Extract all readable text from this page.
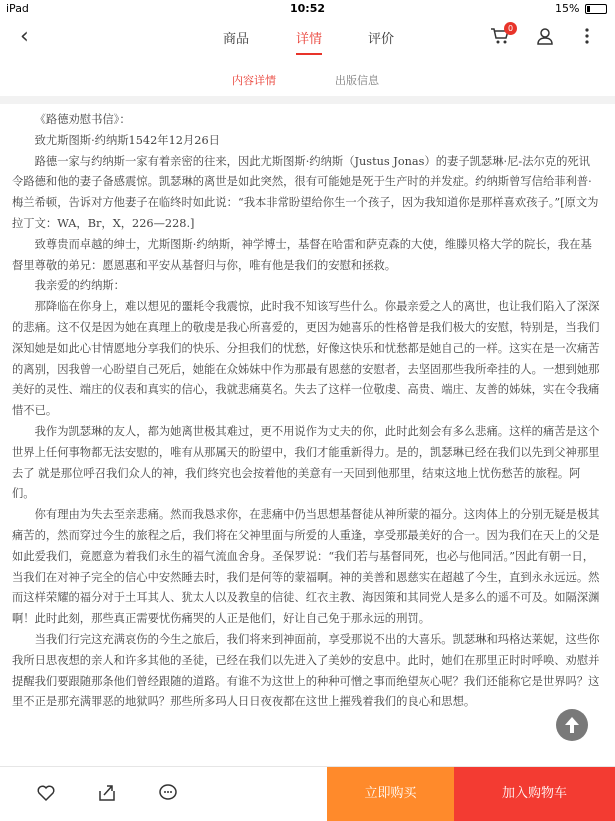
iPad	10:52	15%
‹	商品	详情	评价
0
内容详情	出版信息

《路德劝慰书信》：

致尤斯图斯·约纳斯1542年12月26日

路德一家与约纳斯一家有着亲密的往来，因此尤斯图斯·约纳斯（Justus Jonas）的妻子凯瑟琳·尼-法尔克的死讯令路德和他的妻子备感震惊。凯瑟琳的离世是如此突然，很有可能她是死于生产时的并发症。约纳斯曾写信给菲利普·梅兰希顿，告诉对方他妻子在临终时如此说：“我本非常盼望给你生一个孩子，因为我知道你是那样喜欢孩子。”[原文为拉丁文：WA，Br，X，226—228.]

致尊贵而卓越的绅士，尤斯图斯·约纳斯，神学博士，基督在哈雷和萨克森的大使，维滕贝格大学的院长，我在基督里尊敬的弟兄：愿恩惠和平安从基督归与你，唯有他是我们的安慰和拯救。

我亲爱的约纳斯：

那降临在你身上，难以想见的噩耗令我震惊，此时我不知该写些什么。你最亲爱之人的离世，也让我们陷入了深深的悲痛。这不仅是因为她在真理上的敬虔是我心所喜爱的，更因为她喜乐的性格曾是我们极大的安慰，特别是，当我们深知她是如此心甘情愿地分享我们的快乐、分担我们的忧愁，好像这快乐和忧愁都是她自己的一样。这实在是一次痛苦的离别，因我曾一心盼望自己死后，她能在众姊妹中作为那最有恩慈的安慰者，去坚固那些我所牵挂的人。一想到她那美好的灵性、端庄的仪表和真实的信心，我就悲痛莫名。失去了这样一位敬虔、高贵、端庄、友善的姊妹，实在令我痛惜不已。

我作为凯瑟琳的友人，都为她离世极其难过，更不用说作为丈夫的你，此时此刻会有多么悲痛。这样的痛苦是这个世界上任何事物都无法安慰的，唯有从那属天的盼望中，我们才能重新得力。是的，凯瑟琳已经在我们以先到父神那里去了 就是那位呼召我们众人的神，我们终究也会按着他的美意有一天回到他那里，结束这地上忧伤愁苦的旅程。阿们。

你有理由为失去至亲悲痛。然而我恳求你，在悲痛中仍当思想基督徒从神所蒙的福分。这肉体上的分别无疑是极其痛苦的，然而穿过今生的旅程之后，我们将在父神里面与所爱的人重逢，享受那最美好的合一。因为我们在天上的父是如此爱我们，竟愿意为着我们永生的福气流血舍身。圣保罗说：“我们若与基督同死，也必与他同活。”因此有朝一日，当我们在对神子完全的信心中安然睡去时，我们是何等的蒙福啊。神的美善和恩慈实在超越了今生，直到永永远远。然而这样荣耀的福分对于土耳其人、犹太人以及教皇的信徒、红衣主教、海因策和其同党人是多么的遥不可及。如隔深渊啊！此时此刻，那些真正需要忧伤痛哭的人正是他们，好让自己免于那永远的刑罚。

当我们行完这充满哀伤的今生之旅后，我们将来到神面前，享受那说不出的大喜乐。凯瑟琳和玛格达莱妮，这些你我所日思夜想的亲人和许多其他的圣徒，已经在我们以先进入了美妙的安息中。此时，她们在那里正时时呼唤、劝慰并提醒我们要跟随那条他们曾经跟随的道路。有谁不为这世上的种种可憎之事而绝望灰心呢？我们还能称它是世界吗？这里不正是那充满罪恶的地狱吗？那些所多玛人日日夜夜都在这世上摧残着我们的良心和思想。

立即购买	加入购物车
